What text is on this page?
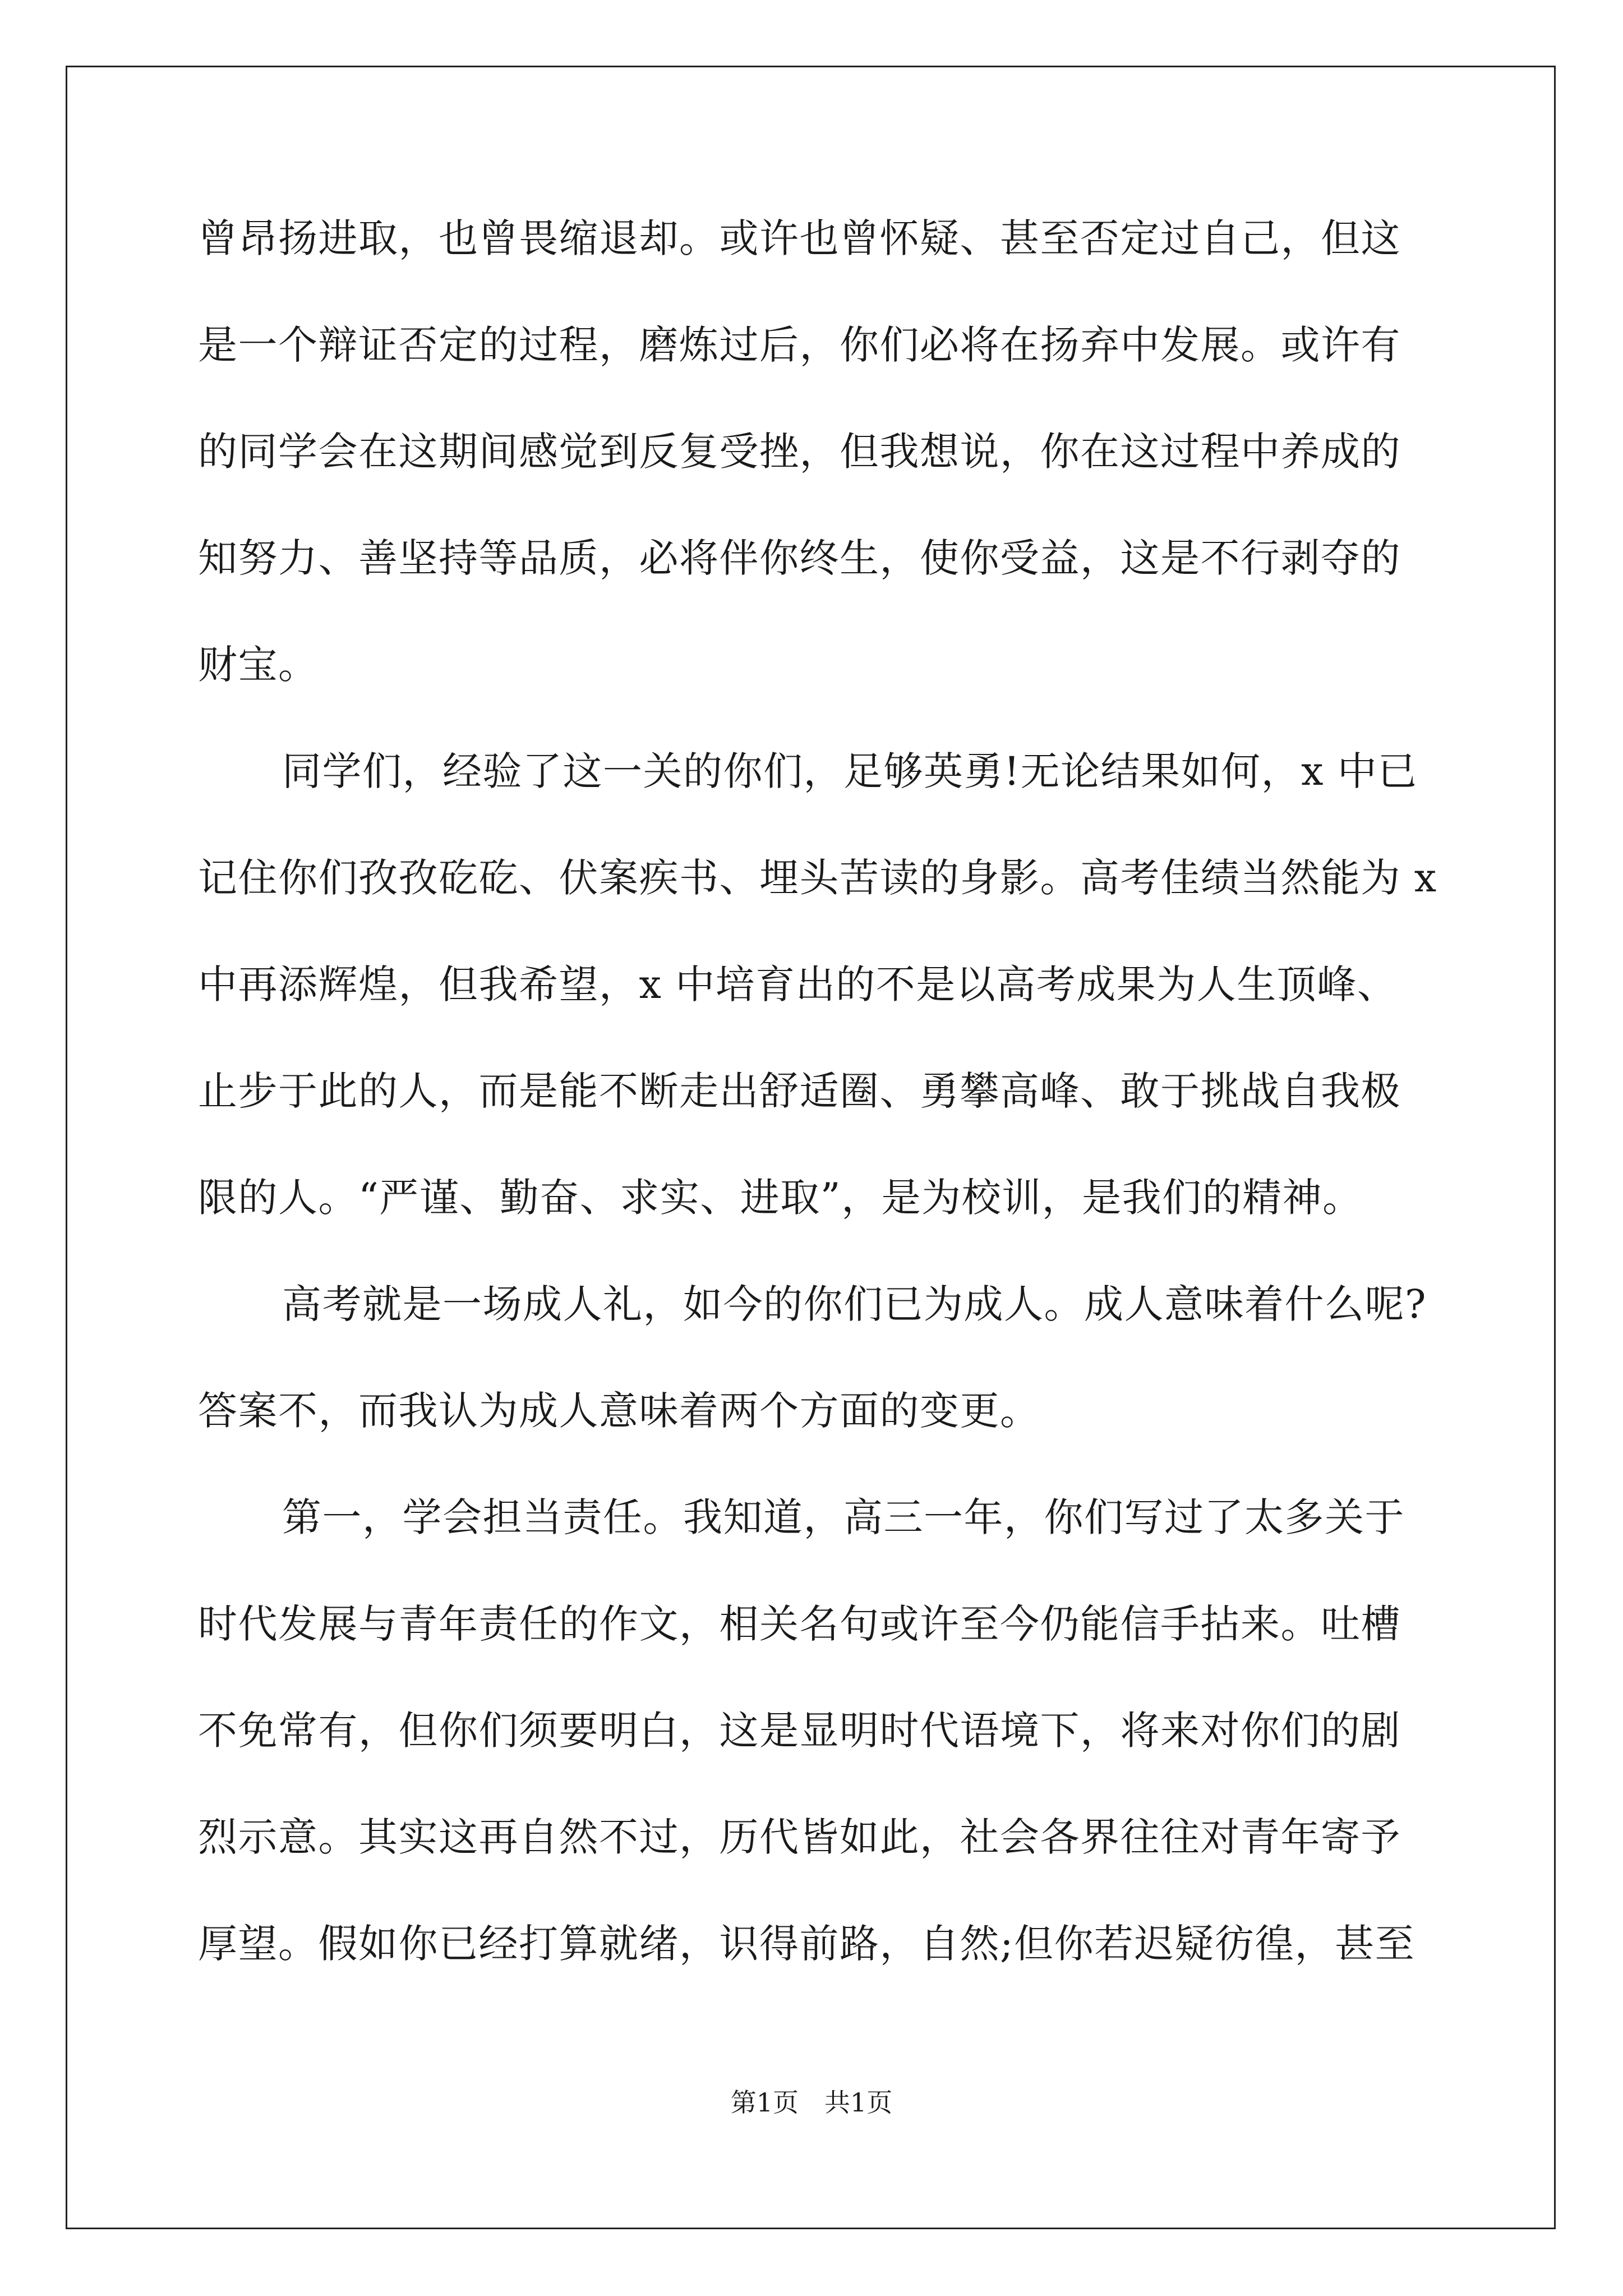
曾昂扬进取，也曾畏缩退却。或许也曾怀疑、甚至否定过自己，但这
是一个辩证否定的过程，磨炼过后，你们必将在扬弃中发展。或许有
的同学会在这期间感觉到反复受挫，但我想说，你在这过程中养成的
知努力、善坚持等品质，必将伴你终生，使你受益，这是不行剥夺的
财宝。
同学们，经验了这一关的你们，足够英勇!无论结果如何，x 中已
记住你们孜孜矻矻、伏案疾书、埋头苦读的身影。高考佳绩当然能为 x
中再添辉煌，但我希望，x 中培育出的不是以高考成果为人生顶峰、
止步于此的人，而是能不断走出舒适圈、勇攀高峰、敢于挑战自我极
限的人。“严谨、勤奋、求实、进取”，是为校训，是我们的精神。
高考就是一场成人礼，如今的你们已为成人。成人意味着什么呢?
答案不，而我认为成人意味着两个方面的变更。
第一，学会担当责任。我知道，高三一年，你们写过了太多关于
时代发展与青年责任的作文，相关名句或许至今仍能信手拈来。吐槽
不免常有，但你们须要明白，这是显明时代语境下，将来对你们的剧
烈示意。其实这再自然不过，历代皆如此，社会各界往往对青年寄予
厚望。假如你已经打算就绪，识得前路，自然;但你若迟疑彷徨，甚至
第1页　共1页
